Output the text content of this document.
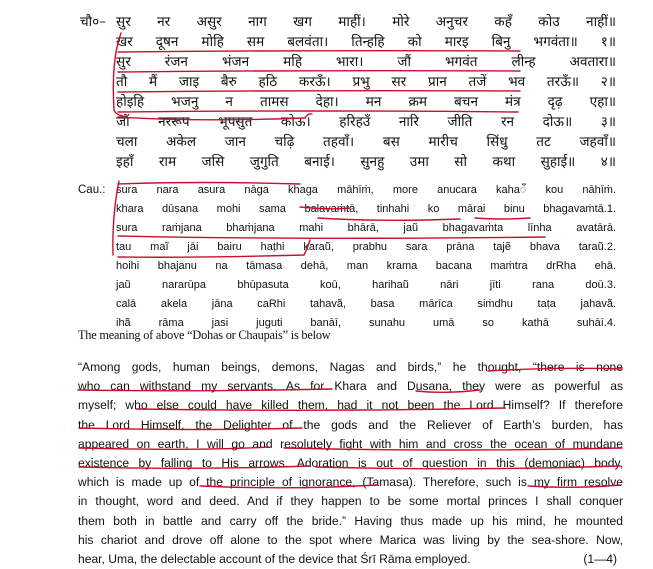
चौ०– सुर नर असुर नाग खग माहीं। मोरे अनुचर कहँ कोउ नाहीं॥
खर दूषन मोहि सम बलवंता। तिन्हहि को मारइ बिनु भगवंता॥ १॥
सुर रंजन भंजन महि भारा। जौं भगवंत लीन्ह अवतारा॥
तौ मैं जाइ बैरु हठि करऊँ। प्रभु सर प्रान तजें भव तरऊँ॥ २॥
होइहि भजनु न तामस देहा। मन क्रम बचन मंत्र दृढ़ एहा॥
जौं नररूप भूपसुत कोऊ। हरिहउँ नारि जीति रन दोऊ॥ ३॥
चला अकेल जान चढ़ि तहवाँ। बस मारीच सिंधु तट जहवाँ॥
इहाँ राम जसि जुगुति बनाई। सुनहु उमा सो कथा सुहाई॥ ४॥
Cau.: sura nara asura nāga khaga māhīṁ, more anucara kahaँ kou nāhīṁ.
khara dūṣana mohi sama balavaṁtā, tinhahi ko mārai binu bhagavaṁtā.1.
sura raṁjana bhaṁjana mahi bhārā, jaũ bhagavaṁta līnha avatārā.
tau maĩ jāi bairu haṭhi karaū̃, prabhu sara prāna tajẽ bhava taraū̃.2.
hoihi bhajanu na tāmasa dehā, man krama bacana maṁtra dṛRha ehā.
jaũ nararūpa bhūpasuta koū, harihaū̃ nāri jīti rana doū.3.
calā akela jāna caRhi tahavā̃, basa mārīca siṁdhu taṭa jahavā̃.
ihā̃ rāma jasi juguti banāī, sunahu umā so kathā suhāī.4.
The meaning of above “Dohas or Chaupais” is below
“Among gods, human beings, demons, Nagas and birds,” he thought, “there is none
who can withstand my servants. As for Khara and Dusana, they were as powerful as
myself; who else could have killed them, had it not been the Lord Himself? If therefore
the Lord Himself, the Delighter of the gods and the Reliever of Earth’s burden, has
appeared on earth, I will go and resolutely fight with him and cross the ocean of mundane
existence by falling to His arrows. Adoration is out of question in this (demoniac) body,
which is made up of the principle of ignorance, (Tamasa). Therefore, such is my firm resolve
in thought, word and deed. And if they happen to be some mortal princes I shall conquer
them both in battle and carry off the bride.” Having thus made up his mind, he mounted
his chariot and drove off alone to the spot where Marica was living by the sea-shore. Now,
hear, Uma, the delectable account of the device that Śrī Rāma employed.	(1—4)
